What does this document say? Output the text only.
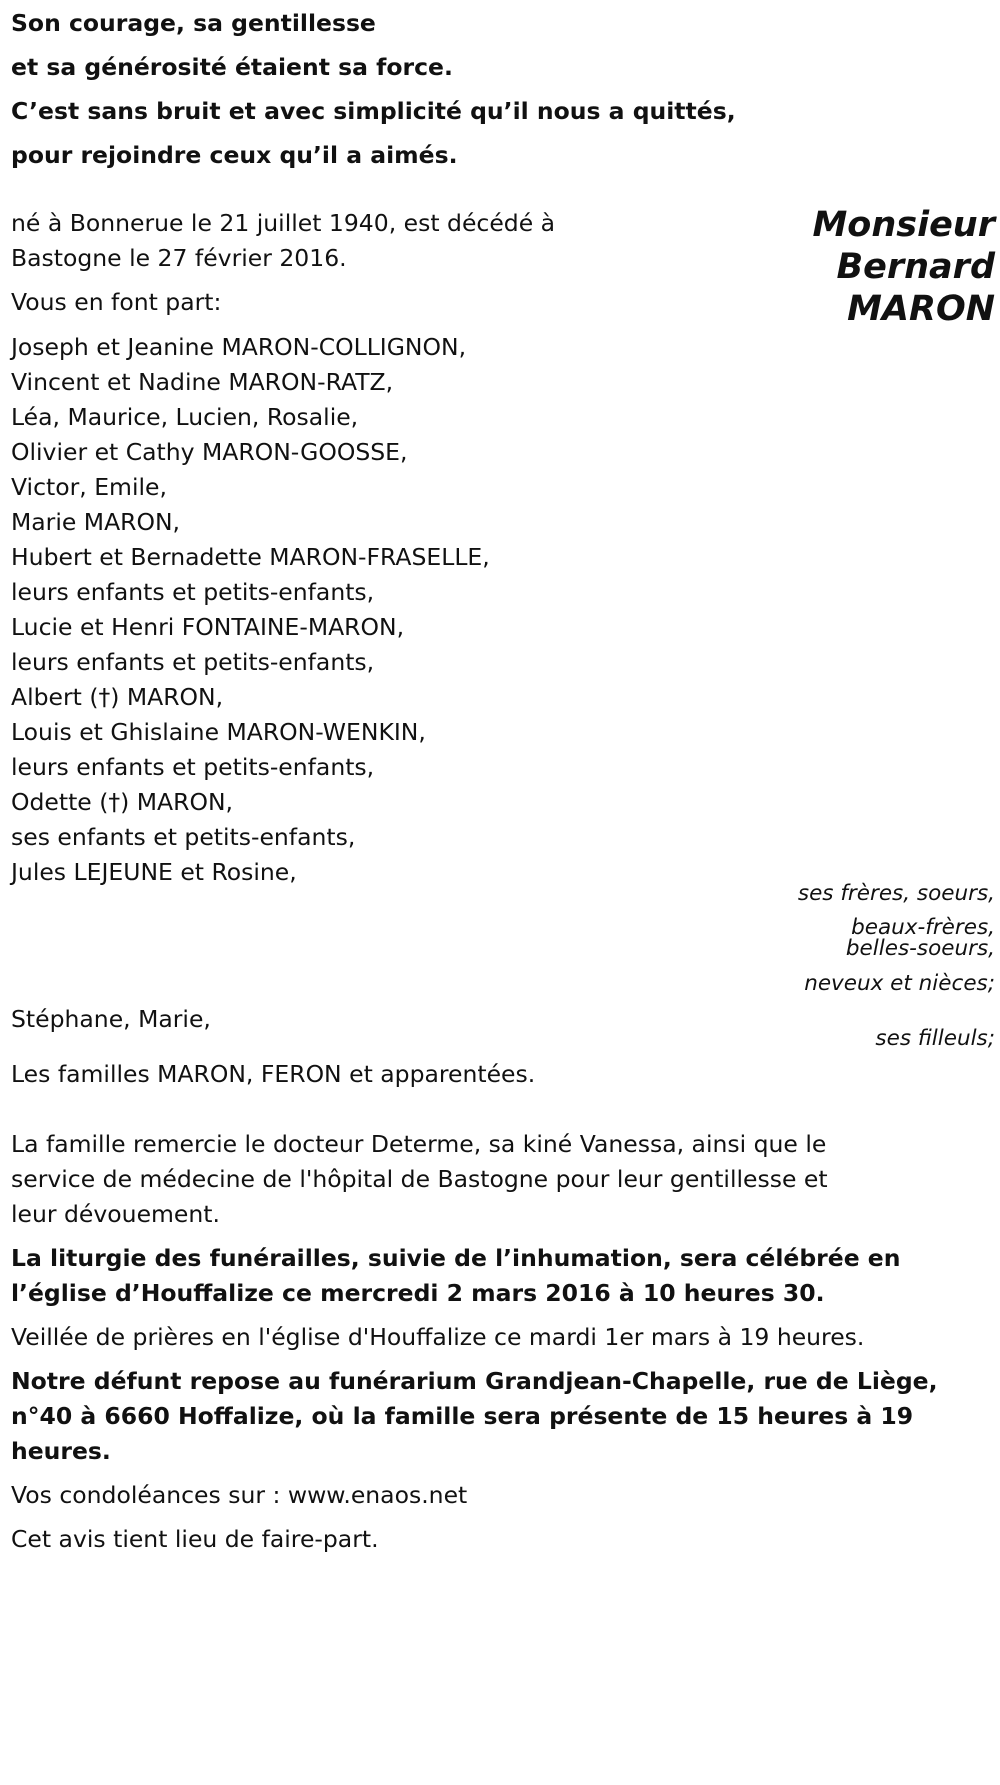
Son courage, sa gentillesse
et sa générosité étaient sa force.
C’est sans bruit et avec simplicité qu’il nous a quittés,
pour rejoindre ceux qu’il a aimés.
Monsieur
Bernard
MARON
né à Bonnerue le 21 juillet 1940, est décédé à
Bastogne le 27 février 2016.
Vous en font part:
Joseph et Jeanine MARON-COLLIGNON,
Vincent et Nadine MARON-RATZ,
Léa, Maurice, Lucien, Rosalie,
Olivier et Cathy MARON-GOOSSE,
Victor, Emile,
Marie MARON,
Hubert et Bernadette MARON-FRASELLE,
leurs enfants et petits-enfants,
Lucie et Henri FONTAINE-MARON,
leurs enfants et petits-enfants,
Albert (†) MARON,
Louis et Ghislaine MARON-WENKIN,
leurs enfants et petits-enfants,
Odette (†) MARON,
ses enfants et petits-enfants,
Jules LEJEUNE et Rosine,
ses frères, soeurs,
beaux-frères,
belles-soeurs,
neveux et nièces;
Stéphane, Marie,
ses filleuls;
Les familles MARON, FERON et apparentées.
La famille remercie le docteur Determe, sa kiné Vanessa, ainsi que le
service de médecine de l'hôpital de Bastogne pour leur gentillesse et
leur dévouement.
La liturgie des funérailles, suivie de l’inhumation, sera célébrée en
l’église d’Houffalize ce mercredi 2 mars 2016 à 10 heures 30.
Veillée de prières en l'église d'Houffalize ce mardi 1er mars à 19 heures.
Notre défunt repose au funérarium Grandjean-Chapelle, rue de Liège,
n°40 à 6660 Hoffalize, où la famille sera présente de 15 heures à 19
heures.
Vos condoléances sur : www.enaos.net
Cet avis tient lieu de faire-part.
